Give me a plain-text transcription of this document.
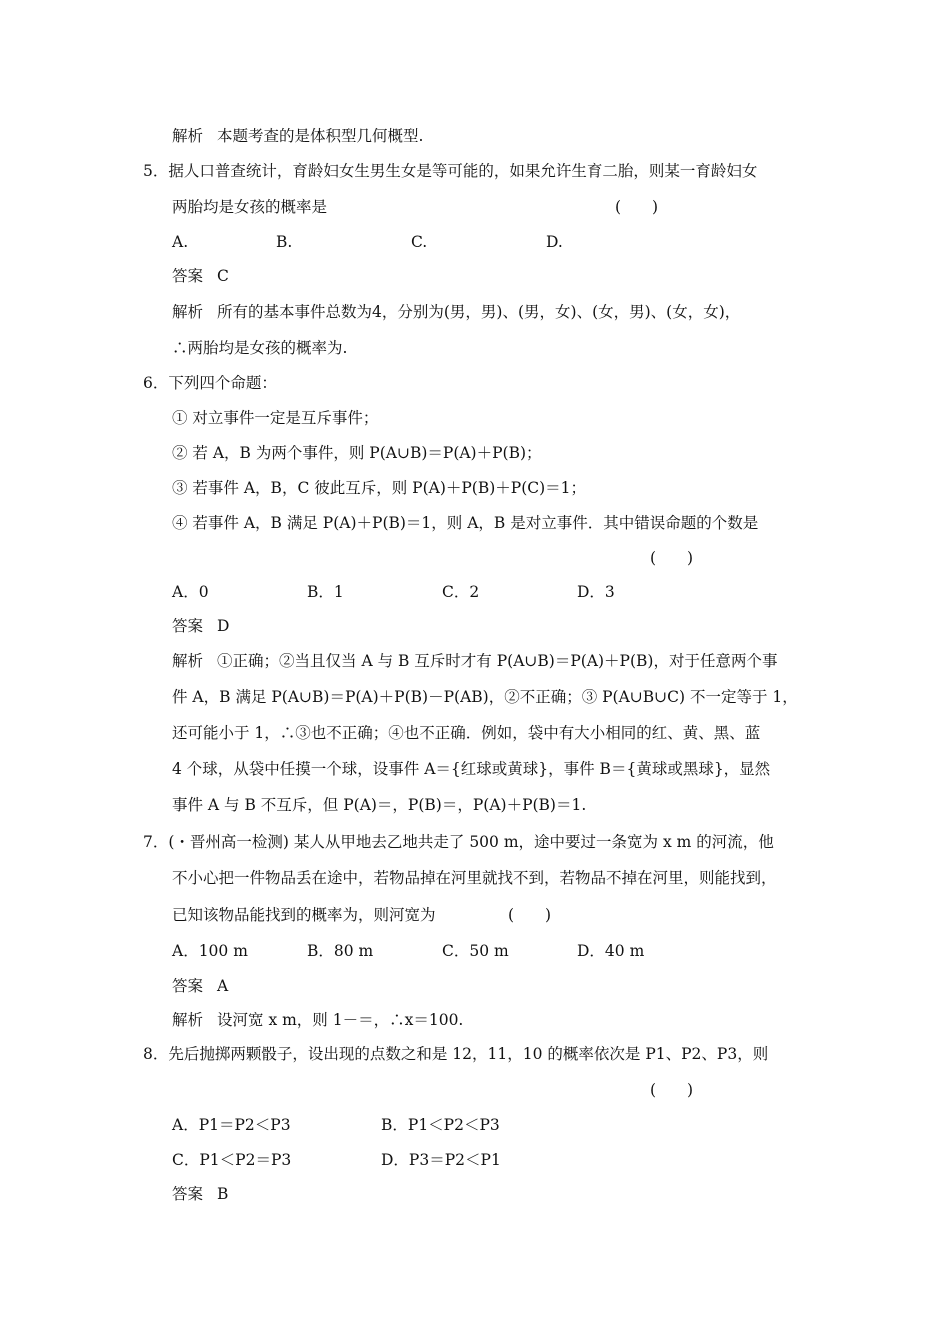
解析 本题考查的是体积型几何概型.
5．据人口普查统计，育龄妇女生男生女是等可能的，如果允许生育二胎，则某一育龄妇女
两胎均是女孩的概率是	(　　)
A.	B.	C.	D.
答案 C
解析 所有的基本事件总数为4，分别为(男，男)、(男，女)、(女，男)、(女，女)，
∴两胎均是女孩的概率为.
6．下列四个命题：
① 对立事件一定是互斥事件；
② 若 A，B 为两个事件，则 P(A∪B)＝P(A)＋P(B)；
③ 若事件 A，B，C 彼此互斥，则 P(A)＋P(B)＋P(C)＝1；
④ 若事件 A，B 满足 P(A)＋P(B)＝1，则 A，B 是对立事件．其中错误命题的个数是
(　　)
A．0	B．1	C．2	D．3
答案 D
解析 ①正确；②当且仅当 A 与 B 互斥时才有 P(A∪B)＝P(A)＋P(B)，对于任意两个事
件 A，B 满足 P(A∪B)＝P(A)＋P(B)－P(AB)，②不正确；③ P(A∪B∪C) 不一定等于 1，
还可能小于 1，∴③也不正确；④也不正确．例如，袋中有大小相同的红、黄、黑、蓝
4 个球，从袋中任摸一个球，设事件 A＝{红球或黄球}，事件 B＝{黄球或黑球}，显然
事件 A 与 B 不互斥，但 P(A)＝，P(B)＝，P(A)＋P(B)＝1.
7．(・晋州高一检测) 某人从甲地去乙地共走了 500 m，途中要过一条宽为 x m 的河流，他
不小心把一件物品丢在途中，若物品掉在河里就找不到，若物品不掉在河里，则能找到，
已知该物品能找到的概率为，则河宽为	(　　)
A．100 m	B．80 m	C．50 m	D．40 m
答案 A
解析 设河宽 x m，则 1－＝，∴x＝100.
8．先后抛掷两颗骰子，设出现的点数之和是 12，11，10 的概率依次是 P1、P2、P3，则
(　　)
A．P1＝P2＜P3	B．P1＜P2＜P3
C．P1＜P2＝P3	D．P3＝P2＜P1
答案 B
